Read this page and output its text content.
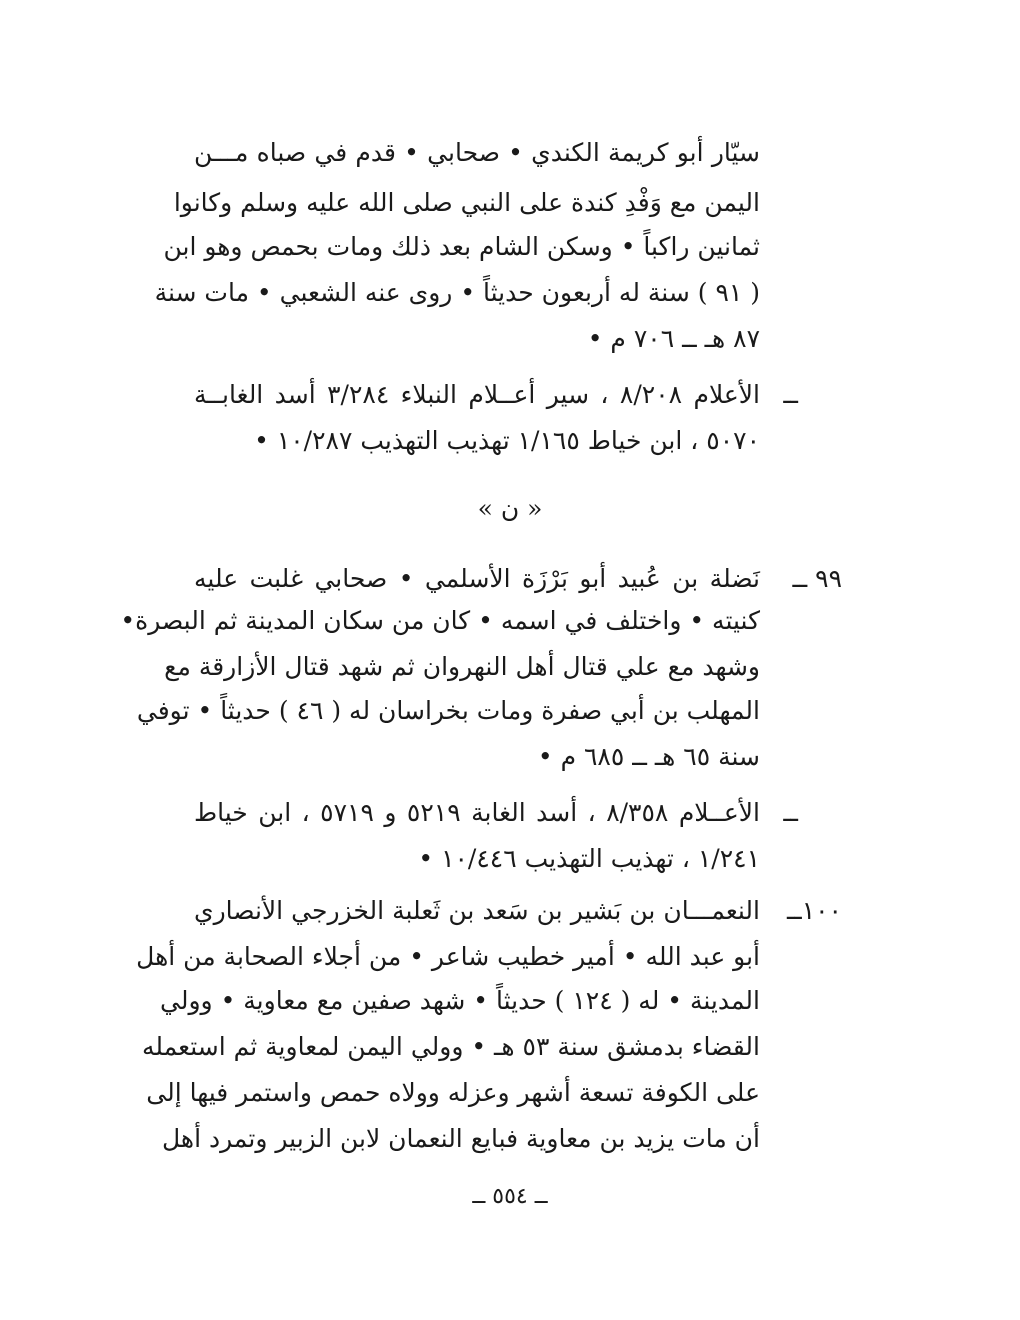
سيّار أبو كريمة الكندي • صحابي • قدم في صباه مـــن
اليمن مع وَفْدِ كندة على النبي صلى الله عليه وسلم وكانوا
ثمانين راكباً • وسكن الشام بعد ذلك ومات بحمص وهو ابن
( ٩١ ) سنة له أربعون حديثاً • روى عنه الشعبي • مات سنة
٨٧ هـ ــ ٧٠٦ م •
ــ
الأعلام ٨/٢٠٨ ، سير أعــلام النبلاء ٣/٢٨٤ أسد الغابــة
٥٠٧٠ ، ابن خياط ١/١٦٥ تهذيب التهذيب ١٠/٢٨٧ •
« ن »
٩٩ ــ
نَضلة بن عُبيد أبو بَرْزَة الأسلمي • صحابي غلبت عليه
كنيته • واختلف في اسمه • كان من سكان المدينة ثم البصرة•
وشهد مع علي قتال أهل النهروان ثم شهد قتال الأزارقة مع
المهلب بن أبي صفرة ومات بخراسان له ( ٤٦ ) حديثاً • توفي
سنة ٦٥ هـ ــ ٦٨٥ م •
ــ
الأعــلام ٨/٣٥٨ ، أسد الغابة ٥٢١٩ و ٥٧١٩ ، ابن خياط
١/٢٤١ ، تهذيب التهذيب ١٠/٤٤٦ •
١٠٠ــ
النعمـــان بن بَشير بن سَعد بن ثَعلبة الخزرجي الأنصاري
أبو عبد الله • أمير خطيب شاعر • من أجلاء الصحابة من أهل
المدينة • له ( ١٢٤ ) حديثاً • شهد صفين مع معاوية • وولي
القضاء بدمشق سنة ٥٣ هـ • وولي اليمن لمعاوية ثم استعمله
على الكوفة تسعة أشهر وعزله وولاه حمص واستمر فيها إلى
أن مات يزيد بن معاوية فبايع النعمان لابن الزبير وتمرد أهل
ــ ٥٥٤ ــ
